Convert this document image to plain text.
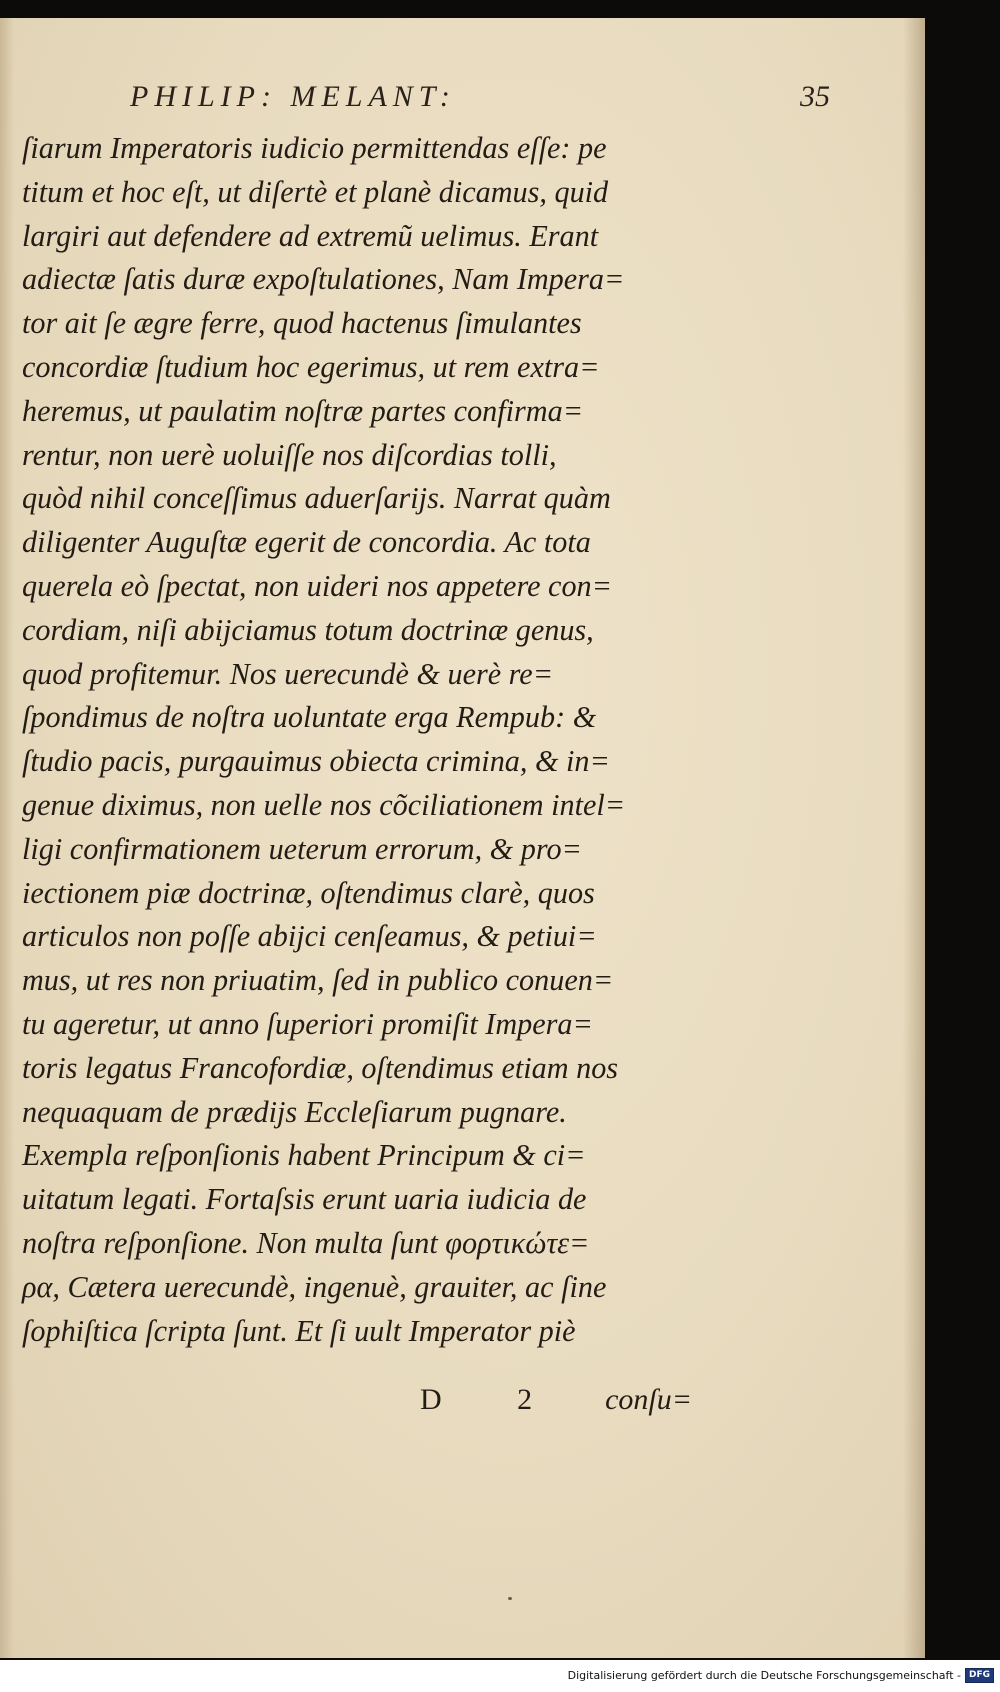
PHILIP: MELANT:	35
ſiarum Imperatoris iudicio permittendas eſſe: pe
titum et hoc eſt, ut diſertè et planè dicamus, quid
largiri aut defendere ad extremũ uelimus. Erant
adiectæ ſatis duræ expoſtulationes, Nam Impera=
tor ait ſe ægre ferre, quod hactenus ſimulantes
concordiæ ſtudium hoc egerimus, ut rem extra=
heremus, ut paulatim noſtræ partes confirma=
rentur, non uerè uoluiſſe nos diſcordias tolli,
quòd nihil conceſſimus aduerſarijs. Narrat quàm
diligenter Auguſtæ egerit de concordia. Ac tota
querela eò ſpectat, non uideri nos appetere con=
cordiam, niſi abijciamus totum doctrinæ genus,
quod profitemur. Nos uerecundè & uerè re=
ſpondimus de noſtra uoluntate erga Rempub: &
ſtudio pacis, purgauimus obiecta crimina, & in=
genue diximus, non uelle nos cõciliationem intel=
ligi confirmationem ueterum errorum, & pro=
iectionem piæ doctrinæ, oſtendimus clarè, quos
articulos non poſſe abijci cenſeamus, & petiui=
mus, ut res non priuatim, ſed in publico conuen=
tu ageretur, ut anno ſuperiori promiſit Impera=
toris legatus Francofordiæ, oſtendimus etiam nos
nequaquam de prædijs Eccleſiarum pugnare.
Exempla reſponſionis habent Principum & ci=
uitatum legati. Fortaſsis erunt uaria iudicia de
noſtra reſponſione. Non multa ſunt φορτικώτε=
ρα, Cætera uerecundè, ingenuè, grauiter, ac ſine
ſophiſtica ſcripta ſunt. Et ſi uult Imperator piè
D 2 conſu=
Digitalisierung gefördert durch die Deutsche Forschungsgemeinschaft - DFG
